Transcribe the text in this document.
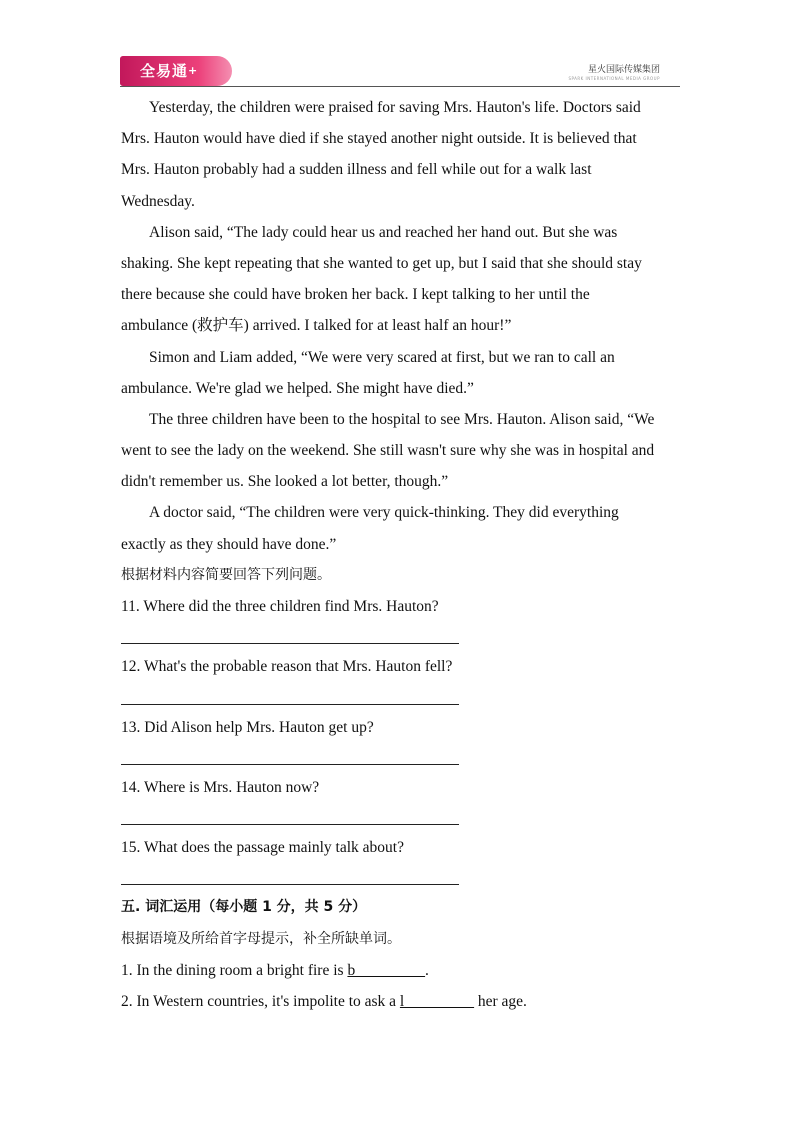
全易通+	星火国际传媒集团
SPARK INTERNATIONAL MEDIA GROUP
Yesterday, the children were praised for saving Mrs. Hauton's life. Doctors said
Mrs. Hauton would have died if she stayed another night outside. It is believed that
Mrs. Hauton probably had a sudden illness and fell while out for a walk last
Wednesday.
Alison said, “The lady could hear us and reached her hand out. But she was
shaking. She kept repeating that she wanted to get up, but I said that she should stay
there because she could have broken her back. I kept talking to her until the
ambulance (救护车) arrived. I talked for at least half an hour!”
Simon and Liam added, “We were very scared at first, but we ran to call an
ambulance. We're glad we helped. She might have died.”
The three children have been to the hospital to see Mrs. Hauton. Alison said, “We
went to see the lady on the weekend. She still wasn't sure why she was in hospital and
didn't remember us. She looked a lot better, though.”
A doctor said, “The children were very quick-thinking. They did everything
exactly as they should have done.”
根据材料内容简要回答下列问题。
11. Where did the three children find Mrs. Hauton?
12. What's the probable reason that Mrs. Hauton fell?
13. Did Alison help Mrs. Hauton get up?
14. Where is Mrs. Hauton now?
15. What does the passage mainly talk about?
五. 词汇运用（每小题 1 分，共 5 分）
根据语境及所给首字母提示，补全所缺单词。
1. In the dining room a bright fire is b_________.
2. In Western countries, it's impolite to ask a l_________ her age.
